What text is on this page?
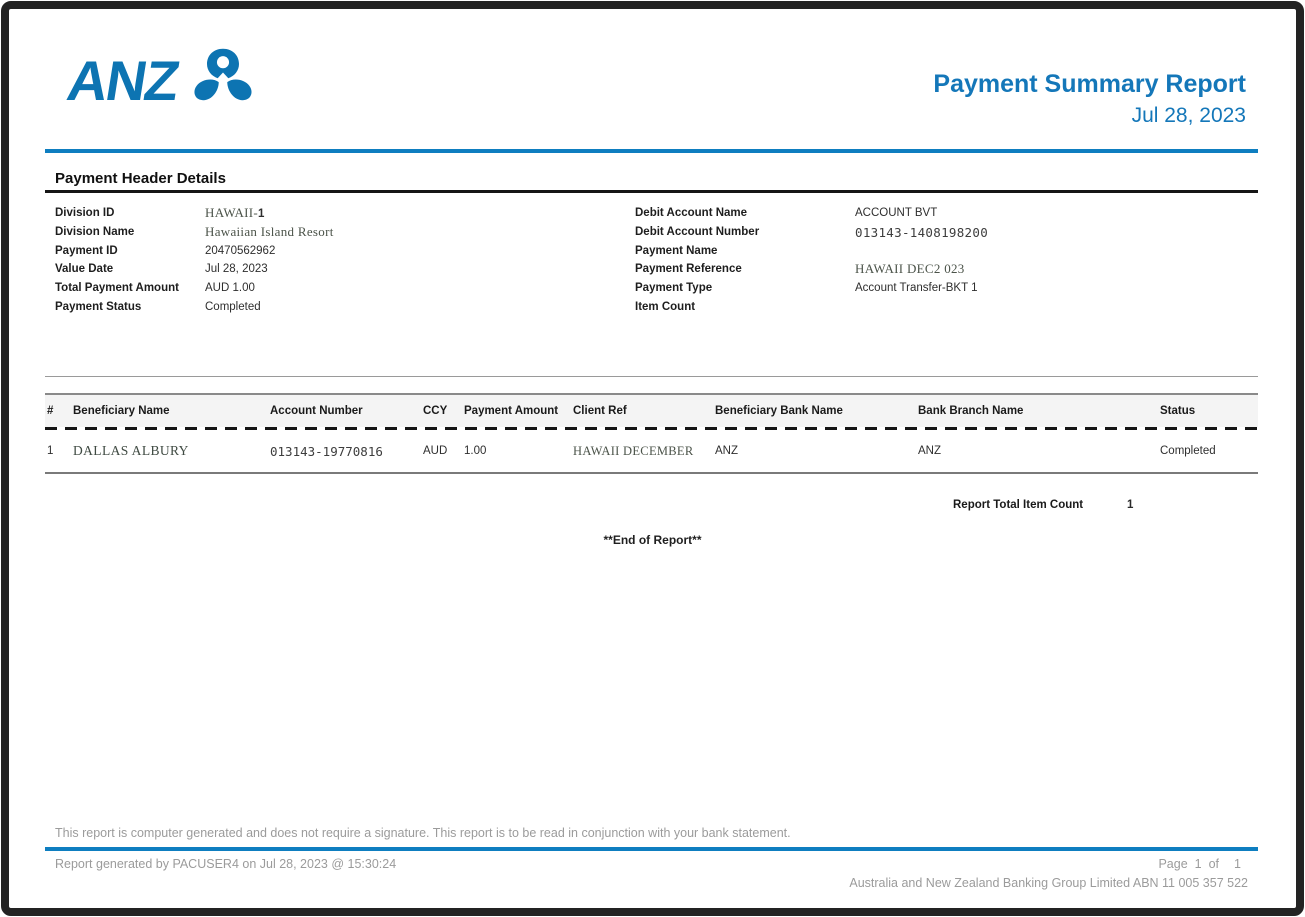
ANZ	Payment Summary Report
Jul 28, 2023
Payment Header Details
Division ID	HAWAII-1
Division Name	Hawaiian Island Resort
Payment ID	20470562962
Value Date	Jul 28, 2023
Total Payment Amount	AUD 1.00
Payment Status	Completed
Debit Account Name	ACCOUNT BVT
Debit Account Number	013143-1408198200
Payment Name
Payment Reference	HAWAII DEC2 023
Payment Type	Account Transfer-BKT 1
Item Count
#	Beneficiary Name	Account Number	CCY	Payment Amount	Client Ref	Beneficiary Bank Name	Bank Branch Name	Status
1	DALLAS ALBURY	013143-19770816	AUD	1.00	HAWAII DECEMBER	ANZ	ANZ	Completed
Report Total Item Count	1
**End of Report**
This report is computer generated and does not require a signature. This report is to be read in conjunction with your bank statement.
Report generated by PACUSER4 on Jul 28, 2023 @ 15:30:24	Page 1 of 1
Australia and New Zealand Banking Group Limited ABN 11 005 357 522
